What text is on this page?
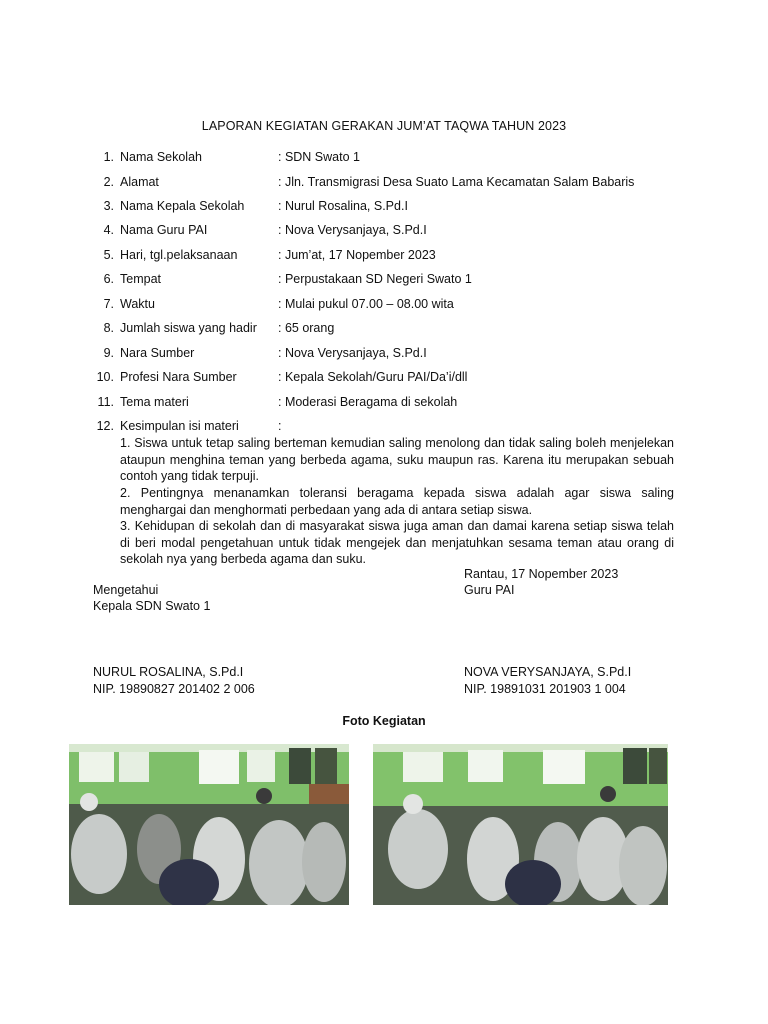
LAPORAN KEGIATAN GERAKAN JUM’AT TAQWA TAHUN 2023
1. Nama Sekolah	: SDN Swato 1
2. Alamat	: Jln. Transmigrasi Desa Suato Lama Kecamatan Salam Babaris
3. Nama Kepala Sekolah	: Nurul Rosalina, S.Pd.I
4. Nama Guru PAI	: Nova Verysanjaya, S.Pd.I
5. Hari, tgl.pelaksanaan	: Jum’at, 17 Nopember 2023
6. Tempat	: Perpustakaan SD Negeri Swato 1
7. Waktu	: Mulai pukul 07.00 – 08.00 wita
8. Jumlah siswa yang hadir : 65 orang
9. Nara Sumber	: Nova Verysanjaya, S.Pd.I
10. Profesi Nara Sumber	: Kepala Sekolah/Guru PAI/Da’i/dll
11. Tema materi	: Moderasi Beragama di sekolah
12. Kesimpulan isi materi	:
1. Siswa untuk tetap saling berteman kemudian saling menolong dan tidak saling boleh menjelekan ataupun menghina teman yang berbeda agama, suku maupun ras. Karena itu merupakan sebuah contoh yang tidak terpuji.
2. Pentingnya menanamkan toleransi beragama kepada siswa adalah agar siswa saling menghargai dan menghormati perbedaan yang ada di antara setiap siswa.
3. Kehidupan di sekolah dan di masyarakat siswa juga aman dan damai karena setiap siswa telah di beri modal pengetahuan untuk tidak mengejek dan menjatuhkan sesama teman atau orang di sekolah nya yang berbeda agama dan suku.
Rantau, 17 Nopember 2023
Mengetahui	Guru PAI
Kepala SDN Swato 1
NURUL ROSALINA, S.Pd.I	NOVA VERYSANJAYA, S.Pd.I
NIP. 19890827 201402 2 006	NIP. 19891031 201903 1 004
Foto Kegiatan
